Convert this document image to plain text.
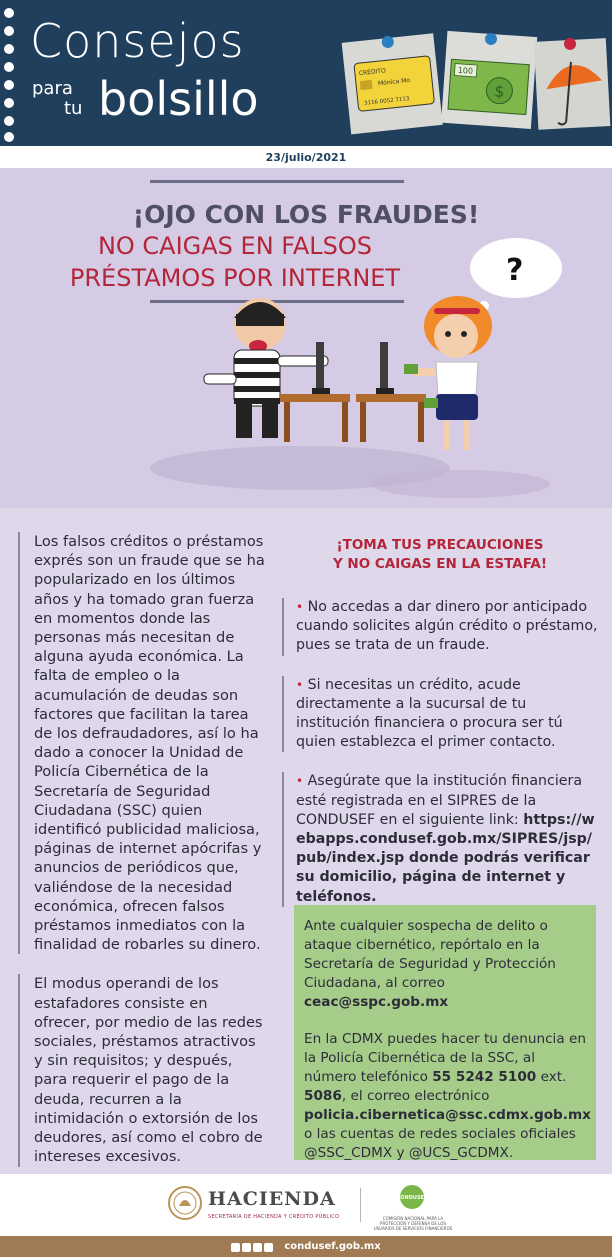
Consejos
para
tu bolsillo	CRÉDITO
Mónica Mo
3116 0052 7113
100
$
23/julio/2021
¡OJO CON LOS FRAUDES!
NO CAIGAS EN FALSOS
PRÉSTAMOS POR INTERNET	?

Los falsos créditos o préstamos exprés son un fraude que se ha popularizado en los últimos años y ha tomado gran fuerza en momentos donde las personas más necesitan de alguna ayuda económica. La falta de empleo o la acumulación de deudas son factores que facilitan la tarea de los defraudadores, así lo ha dado a conocer la Unidad de Policía Cibernética de la Secretaría de Seguridad Ciudadana (SSC) quien identificó publicidad maliciosa, páginas de internet apócrifas y anuncios de periódicos que, valiéndose de la necesidad económica, ofrecen falsos préstamos inmediatos con la finalidad de robarles su dinero.

El modus operandi de los estafadores consiste en ofrecer, por medio de las redes sociales, préstamos atractivos y sin requisitos; y después, para requerir el pago de la deuda, recurren a la intimidación o extorsión de los deudores, así como el cobro de intereses excesivos.

¡TOMA TUS PRECAUCIONES
Y NO CAIGAS EN LA ESTAFA!

• No accedas a dar dinero por anticipado cuando solicites algún crédito o préstamo, pues se trata de un fraude.

• Si necesitas un crédito, acude directamente a la sucursal de tu institución financiera o procura ser tú quien establezca el primer contacto.

• Asegúrate que la institución financiera esté registrada en el SIPRES de la CONDUSEF en el siguiente link: https://webapps.condusef.gob.mx/SIPRES/jsp/pub/index.jsp donde podrás verificar su domicilio, página de internet y teléfonos.

Ante cualquier sospecha de delito o ataque cibernético, repórtalo en la Secretaría de Seguridad y Protección Ciudadana, al correo ceac@sspc.gob.mx

En la CDMX puedes hacer tu denuncia en la Policía Cibernética de la SSC, al número telefónico 55 5242 5100 ext. 5086, el correo electrónico policia.cibernetica@ssc.cdmx.gob.mx o las cuentas de redes sociales oficiales @SSC_CDMX y @UCS_GCDMX.

HACIENDA
SECRETARÍA DE HACIENDA Y CRÉDITO PÚBLICO
CONDUSEF
COMISIÓN NACIONAL PARA LA PROTECCIÓN Y DEFENSA DE LOS USUARIOS DE SERVICIOS FINANCIEROS
condusef.gob.mx
